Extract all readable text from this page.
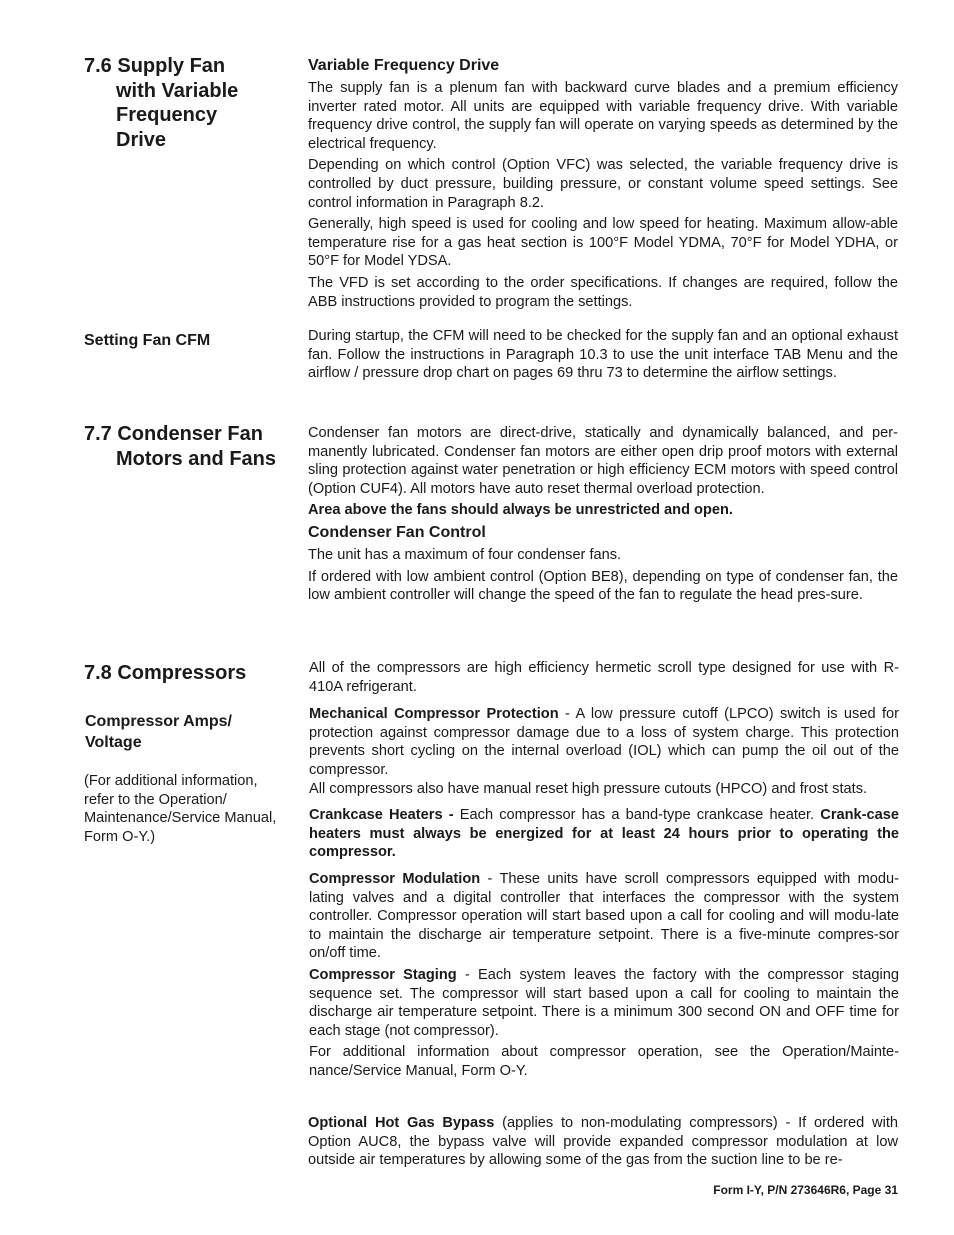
7.6 Supply Fan
with Variable
Frequency
Drive
Variable Frequency Drive

The supply fan is a plenum fan with backward curve blades and a premium efficiency inverter rated motor. All units are equipped with variable frequency drive. With variable frequency drive control, the supply fan will operate on varying speeds as determined by the electrical frequency.

Depending on which control (Option VFC) was selected, the variable frequency drive is controlled by duct pressure, building pressure, or constant volume speed settings. See control information in Paragraph 8.2.

Generally, high speed is used for cooling and low speed for heating. Maximum allow-able temperature rise for a gas heat section is 100°F Model YDMA, 70°F for Model YDHA, or 50°F for Model YDSA.

The VFD is set according to the order specifications. If changes are required, follow the ABB instructions provided to program the settings.

Setting Fan CFM	During startup, the CFM will need to be checked for the supply fan and an optional exhaust fan. Follow the instructions in Paragraph 10.3 to use the unit interface TAB Menu and the airflow / pressure drop chart on pages 69 thru 73 to determine the airflow settings.

7.7 Condenser Fan
Motors and Fans

Condenser fan motors are direct-drive, statically and dynamically balanced, and per-manently lubricated. Condenser fan motors are either open drip proof motors with external sling protection against water penetration or high efficiency ECM motors with speed control (Option CUF4). All motors have auto reset thermal overload protection.

Area above the fans should always be unrestricted and open.

Condenser Fan Control

The unit has a maximum of four condenser fans.

If ordered with low ambient control (Option BE8), depending on type of condenser fan, the low ambient controller will change the speed of the fan to regulate the head pres-sure.

7.8 Compressors
Compressor Amps/
Voltage
(For additional information, refer to the Operation/ Maintenance/Service Manual, Form O-Y.)

All of the compressors are high efficiency hermetic scroll type designed for use with R-410A refrigerant.

Mechanical Compressor Protection - A low pressure cutoff (LPCO) switch is used for protection against compressor damage due to a loss of system charge. This protection prevents short cycling on the internal overload (IOL) which can pump the oil out of the compressor.

All compressors also have manual reset high pressure cutouts (HPCO) and frost stats.

Crankcase Heaters - Each compressor has a band-type crankcase heater. Crank-case heaters must always be energized for at least 24 hours prior to operating the compressor.

Compressor Modulation - These units have scroll compressors equipped with modu-lating valves and a digital controller that interfaces the compressor with the system controller. Compressor operation will start based upon a call for cooling and will modu-late to maintain the discharge air temperature setpoint. There is a five-minute compres-sor on/off time.

Compressor Staging - Each system leaves the factory with the compressor staging sequence set. The compressor will start based upon a call for cooling to maintain the discharge air temperature setpoint. There is a minimum 300 second ON and OFF time for each stage (not compressor).

For additional information about compressor operation, see the Operation/Mainte-nance/Service Manual, Form O-Y.

Optional Hot Gas Bypass (applies to non-modulating compressors) - If ordered with Option AUC8, the bypass valve will provide expanded compressor modulation at low outside air temperatures by allowing some of the gas from the suction line to be re-

Form I-Y, P/N 273646R6, Page 31
